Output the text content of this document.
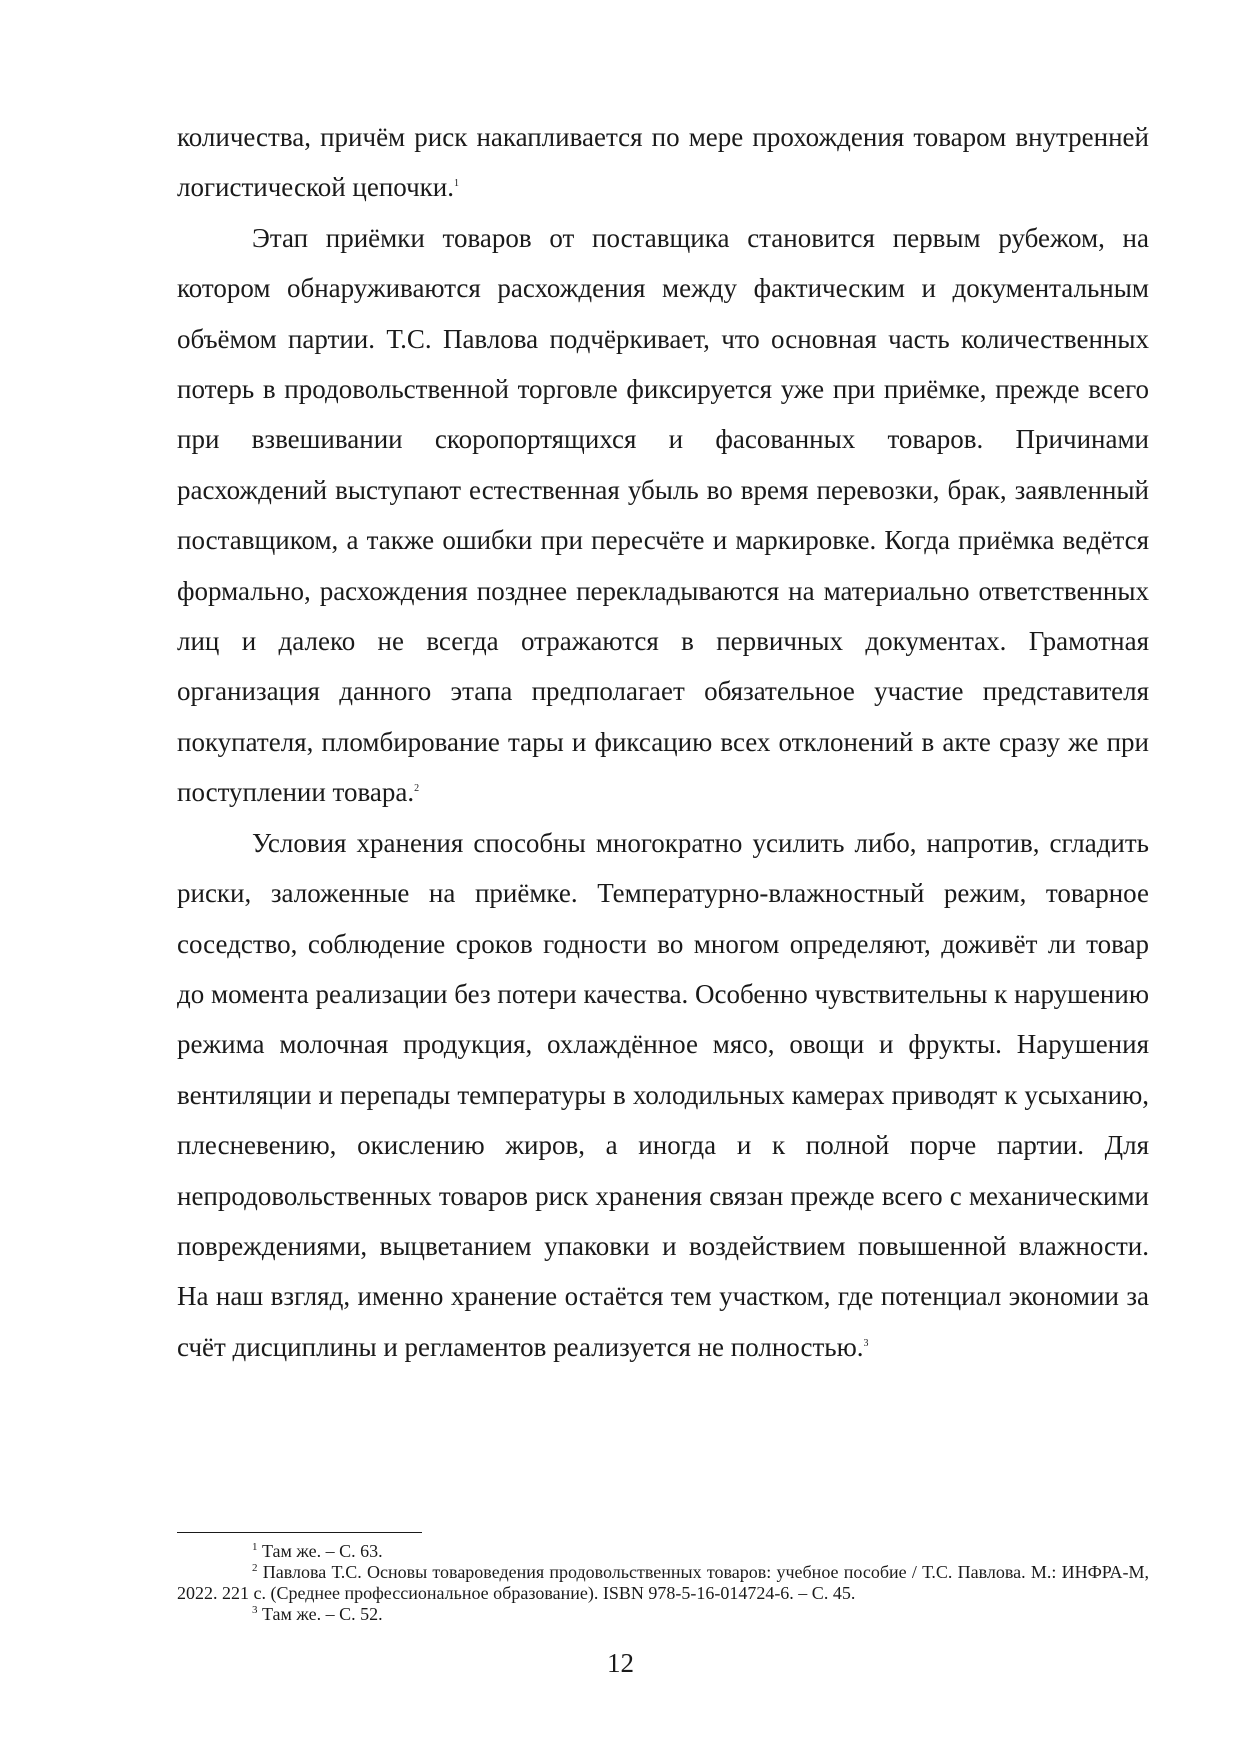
количества, причём риск накапливается по мере прохождения товаром внутренней логистической цепочки.$^1$

Этап приёмки товаров от поставщика становится первым рубежом, на котором обнаруживаются расхождения между фактическим и документальным объёмом партии. Т.С. Павлова подчёркивает, что основная часть количественных потерь в продовольственной торговле фиксируется уже при приёмке, прежде всего при взвешивании скоропортящихся и фасованных товаров. Причинами расхождений выступают естественная убыль во время перевозки, брак, заявленный поставщиком, а также ошибки при пересчёте и маркировке. Когда приёмка ведётся формально, расхождения позднее перекладываются на материально ответственных лиц и далеко не всегда отражаются в первичных документах. Грамотная организация данного этапа предполагает обязательное участие представителя покупателя, пломбирование тары и фиксацию всех отклонений в акте сразу же при поступлении товара.$^2$

Условия хранения способны многократно усилить либо, напротив, сгладить риски, заложенные на приёмке. Температурно-влажностный режим, товарное соседство, соблюдение сроков годности во многом определяют, доживёт ли товар до момента реализации без потери качества. Особенно чувствительны к нарушению режима молочная продукция, охлаждённое мясо, овощи и фрукты. Нарушения вентиляции и перепады температуры в холодильных камерах приводят к усыханию, плесневению, окислению жиров, а иногда и к полной порче партии. Для непродовольственных товаров риск хранения связан прежде всего с механическими повреждениями, выцветанием упаковки и воздействием повышенной влажности. На наш взгляд, именно хранение остаётся тем участком, где потенциал экономии за счёт дисциплины и регламентов реализуется не полностью.$^3$

$^1$ Там же. – С. 63.

$^2$ Павлова Т.С. Основы товароведения продовольственных товаров: учебное пособие / Т.С. Павлова. М.: ИНФРА-М, 2022. 221 с. (Среднее профессиональное образование). ISBN 978-5-16-014724-6. – С. 45.

$^3$ Там же. – С. 52.

12
